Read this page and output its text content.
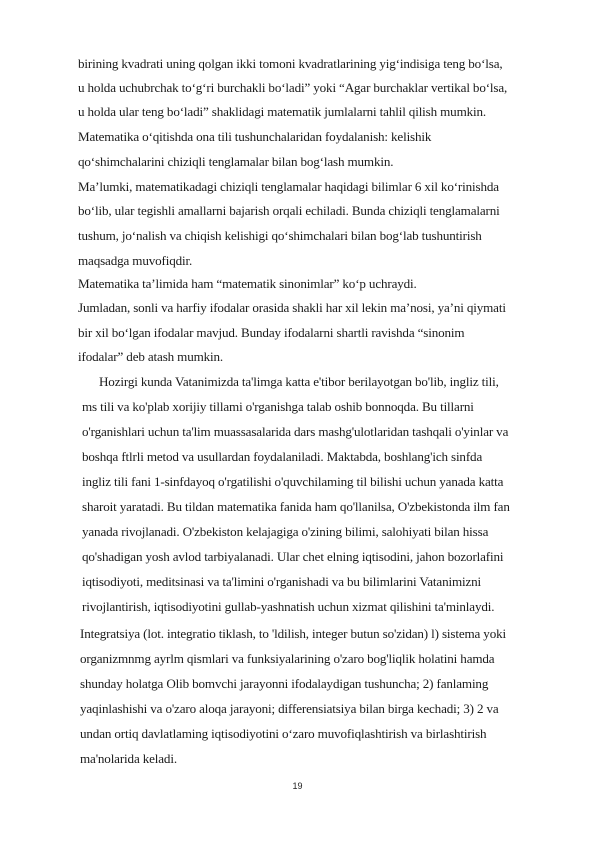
birining kvadrati uning qolgan ikki tomoni kvadratlarining yig‘indisiga teng bo‘lsa,
u holda uchubrchak to‘g‘ri burchakli bo‘ladi” yoki “Agar burchaklar vertikal bo‘lsa,
u holda ular teng bo‘ladi” shaklidagi matematik jumlalarni tahlil qilish mumkin.
Matematika o‘qitishda ona tili tushunchalaridan foydalanish: kelishik
qo‘shimchalarini chiziqli tenglamalar bilan bog‘lash mumkin.
Ma’lumki, matematikadagi chiziqli tenglamalar haqidagi bilimlar 6 xil ko‘rinishda
bo‘lib, ular tegishli amallarni bajarish orqali echiladi. Bunda chiziqli tenglamalarni
tushum, jo‘nalish va chiqish kelishigi qo‘shimchalari bilan bog‘lab tushuntirish
maqsadga muvofiqdir.
Matematika ta’limida ham “matematik sinonimlar” ko‘p uchraydi.
Jumladan, sonli va harfiy ifodalar orasida shakli har xil lekin ma’nosi, ya’ni qiymati
bir xil bo‘lgan ifodalar mavjud. Bunday ifodalarni shartli ravishda “sinonim
ifodalar” deb atash mumkin.
Hozirgi kunda Vatanimizda ta'limga katta e'tibor berilayotgan bo'lib, ingliz tili,
ms tili va ko'plab xorijiy tillami o'rganishga talab oshib bonnoqda. Bu tillarni
o'rganishlari uchun ta'lim muassasalarida dars mashg'ulotlaridan tashqali o'yinlar va
boshqa ftlrli metod va usullardan foydalaniladi. Maktabda, boshlang'ich sinfda
ingliz tili fani 1-sinfdayoq o'rgatilishi o'quvchilaming til bilishi uchun yanada katta
sharoit yaratadi. Bu tildan matematika fanida ham qo'llanilsa, O'zbekistonda ilm fan
yanada rivojlanadi. O'zbekiston kelajagiga o'zining bilimi, salohiyati bilan hissa
qo'shadigan yosh avlod tarbiyalanadi. Ular chet elning iqtisodini, jahon bozorlafini
iqtisodiyoti, meditsinasi va ta'limini o'rganishadi va bu bilimlarini Vatanimizni
rivojlantirish, iqtisodiyotini gullab-yashnatish uchun xizmat qilishini ta'minlaydi.
Integratsiya (lot. integratio tiklash, to 'ldilish, integer butun so'zidan) l) sistema yoki
organizmnmg ayrlm qismlari va funksiyalarining o'zaro bog'liqlik holatini hamda
shunday holatga Olib bomvchi jarayonni ifodalaydigan tushuncha; 2) fanlaming
yaqinlashishi va o'zaro aloqa jarayoni; differensiatsiya bilan birga kechadi; 3) 2 va
undan ortiq davlatlaming iqtisodiyotini o‘zaro muvofiqlashtirish va birlashtirish
ma'nolarida keladi.
19
